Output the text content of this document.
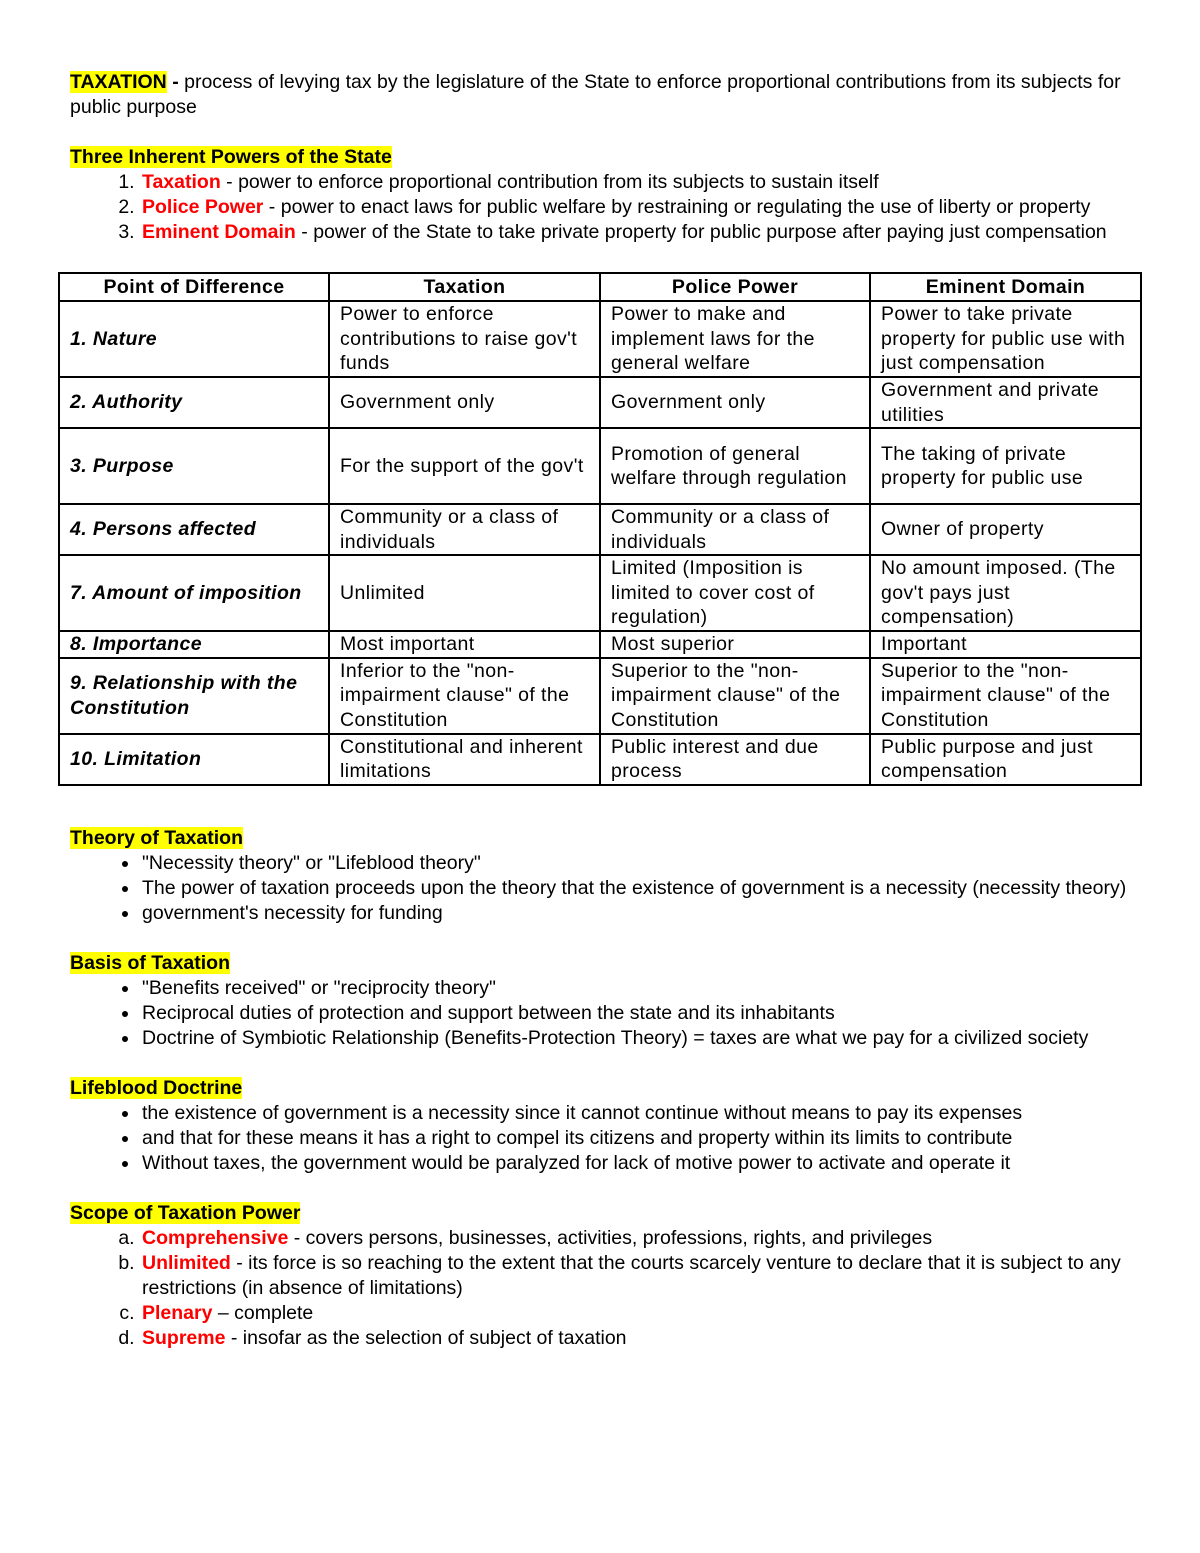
TAXATION - process of levying tax by the legislature of the State to enforce proportional contributions from its subjects for public purpose

Three Inherent Powers of the State

1. Taxation - power to enforce proportional contribution from its subjects to sustain itself
2. Police Power - power to enact laws for public welfare by restraining or regulating the use of liberty or property
3. Eminent Domain - power of the State to take private property for public purpose after paying just compensation
Point of Difference	Taxation	Police Power	Eminent Domain
1. Nature	Power to enforce contributions to raise gov't funds	Power to make and implement laws for the general welfare	Power to take private property for public use with just compensation
2. Authority	Government only	Government only	Government and private utilities
3. Purpose	For the support of the gov't	Promotion of general welfare through regulation	The taking of private property for public use
4. Persons affected	Community or a class of individuals	Community or a class of individuals	Owner of property
7. Amount of imposition	Unlimited	Limited (Imposition is limited to cover cost of regulation)	No amount imposed. (The gov't pays just compensation)
8. Importance	Most important	Most superior	Important
9. Relationship with the Constitution	Inferior to the "non-impairment clause" of the Constitution	Superior to the "non-impairment clause" of the Constitution	Superior to the "non-impairment clause" of the Constitution
10. Limitation	Constitutional and inherent limitations	Public interest and due process	Public purpose and just compensation

Theory of Taxation

• "Necessity theory" or "Lifeblood theory"
• The power of taxation proceeds upon the theory that the existence of government is a necessity (necessity theory)
• government's necessity for funding

Basis of Taxation

• "Benefits received" or "reciprocity theory"
• Reciprocal duties of protection and support between the state and its inhabitants
• Doctrine of Symbiotic Relationship (Benefits-Protection Theory) = taxes are what we pay for a civilized society

Lifeblood Doctrine

• the existence of government is a necessity since it cannot continue without means to pay its expenses
• and that for these means it has a right to compel its citizens and property within its limits to contribute
• Without taxes, the government would be paralyzed for lack of motive power to activate and operate it

Scope of Taxation Power

a. Comprehensive - covers persons, businesses, activities, professions, rights, and privileges
b. Unlimited - its force is so reaching to the extent that the courts scarcely venture to declare that it is subject to any restrictions (in absence of limitations)
c. Plenary – complete
d. Supreme - insofar as the selection of subject of taxation
